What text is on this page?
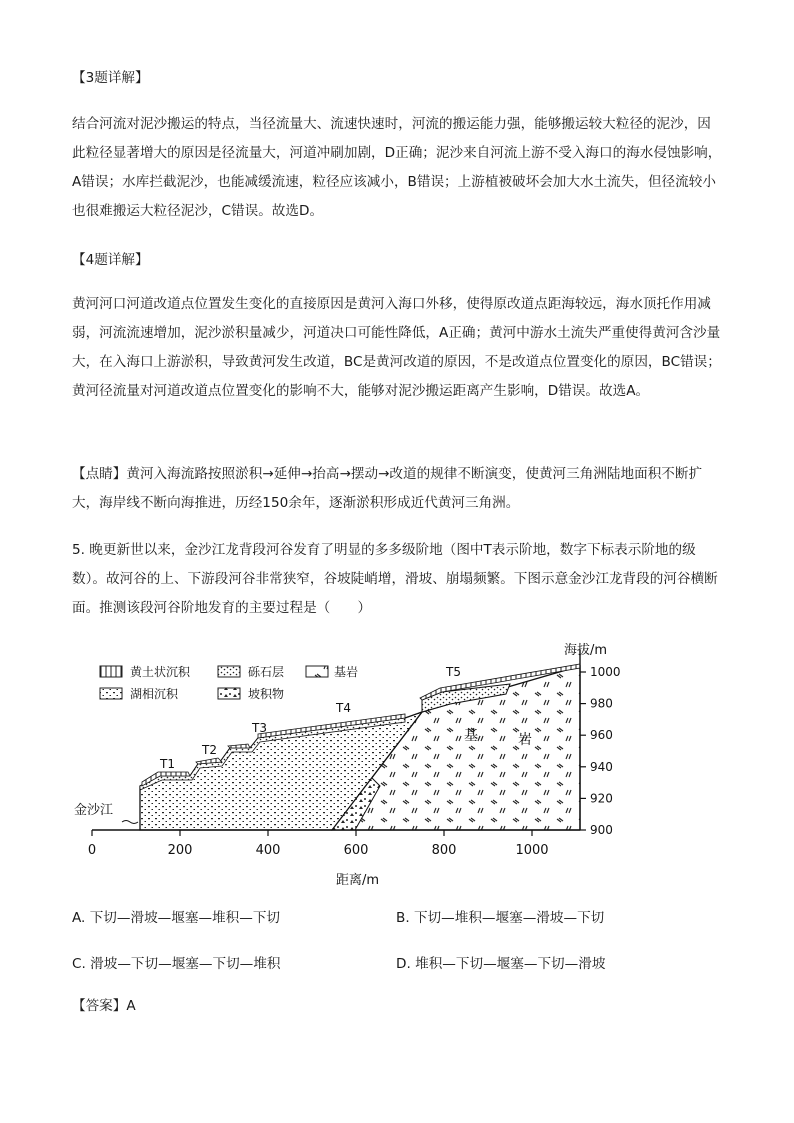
【3题详解】

结合河流对泥沙搬运的特点，当径流量大、流速快速时，河流的搬运能力强，能够搬运较大粒径的泥沙，因此粒径显著增大的原因是径流量大，河道冲刷加剧，D正确；泥沙来自河流上游不受入海口的海水侵蚀影响，A错误；水库拦截泥沙，也能减缓流速，粒径应该减小，B错误；上游植被破坏会加大水土流失，但径流较小也很难搬运大粒径泥沙，C错误。故选D。

【4题详解】

黄河河口河道改道点位置发生变化的直接原因是黄河入海口外移，使得原改道点距海较远，海水顶托作用减弱，河流流速增加，泥沙淤积量减少，河道决口可能性降低，A正确；黄河中游水土流失严重使得黄河含沙量大，在入海口上游淤积，导致黄河发生改道，BC是黄河改道的原因，不是改道点位置变化的原因，BC错误；黄河径流量对河道改道点位置变化的影响不大，能够对泥沙搬运距离产生影响，D错误。故选A。

【点睛】黄河入海流路按照淤积→延伸→抬高→摆动→改道的规律不断演变，使黄河三角洲陆地面积不断扩大，海岸线不断向海推进，历经150余年，逐渐淤积形成近代黄河三角洲。

5. 晚更新世以来，金沙江龙背段河谷发育了明显的多多级阶地（图中T表示阶地，数字下标表示阶地的级数）。故河谷的上、下游段河谷非常狭窄，谷坡陡峭增，滑坡、崩塌频繁。下图示意金沙江龙背段的河谷横断面。推测该段河谷阶地发育的主要过程是（　　）

黄土状沉积	砾石层	基岩
湖相沉积	坡积物
T1
T2
T3
T4
T5
基	岩
金沙江
海拔/m
0	200	400	600	800	1000
1000
980
960
940
920
900
距离/m

A. 下切—滑坡—堰塞—堆积—下切	B. 下切—堆积—堰塞—滑坡—下切

C. 滑坡—下切—堰塞—下切—堆积	D. 堆积—下切—堰塞—下切—滑坡

【答案】A
